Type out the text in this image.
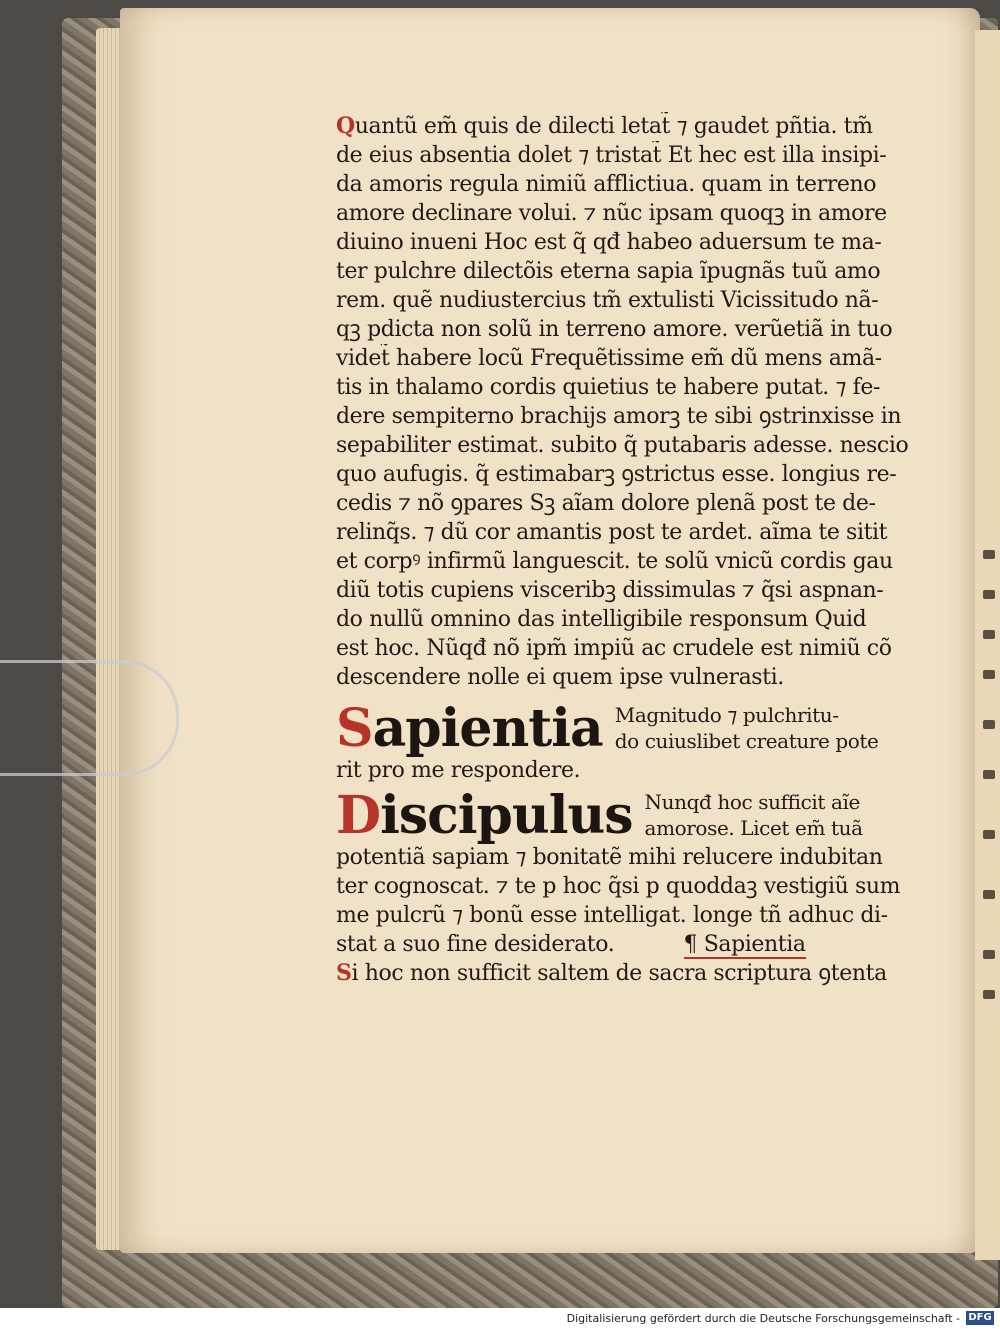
Quantũ em̃ quis de dilecti letat̃ ⁊ gaudet pñtia. tm̃
de eius absentia dolet ⁊ tristat̃ Et hec est illa insipi-
da amoris regula nimiũ afflictiua. quam in terreno
amore declinare volui. ⁊ nũc ipsam quoqꝫ in amore
diuino inueni Hoc est q̃ qđ habeo aduersum te ma-
ter pulchre dilectõis eterna sapia ĩpugnãs tuũ amo
rem. quẽ nudiustercius tm̃ extulisti Vicissitudo nã-
qꝫ pdicta non solũ in terreno amore. verũetiã in tuo
videt̃ habere locũ Frequẽtissime em̃ dũ mens amã-
tis in thalamo cordis quietius te habere putat. ⁊ fe-
dere sempiterno brachijs amorꝫ te sibi ꝯstrinxisse in
sepabiliter estimat. subito q̃ putabaris adesse. nescio
quo aufugis. q̃ estimabarꝫ ꝯstrictus esse. longius re-
cedis ⁊ nõ ꝯpares Sꝫ aĩam dolore plenã post te de-
relinq̃s. ⁊ dũ cor amantis post te ardet. aĩma te sitit
et corpꝰ infirmũ languescit. te solũ vnicũ cordis gau
diũ totis cupiens visceribꝫ dissimulas ⁊ q̃si aspnan-
do nullũ omnino das intelligibile responsum Quid
est hoc. Nũqđ nõ ipm̃ impiũ ac crudele est nimiũ cõ
descendere nolle ei quem ipse vulnerasti.
Sapientia Magnitudo ⁊ pulchritu-
do cuiuslibet creature pote
rit pro me respondere.
Discipulus Nunqđ hoc sufficit aĩe
amorose. Licet em̃ tuã
potentiã sapiam ⁊ bonitatẽ mihi relucere indubitan
ter cognoscat. ⁊ te p hoc q̃si p quoddaꝫ vestigiũ sum
me pulcrũ ⁊ bonũ esse intelligat. longe tñ adhuc di-
stat a suo fine desiderato.	¶ Sapientia
Si hoc non sufficit saltem de sacra scriptura ꝯtenta
Digitalisierung gefördert durch die Deutsche Forschungsgemeinschaft - DFG
